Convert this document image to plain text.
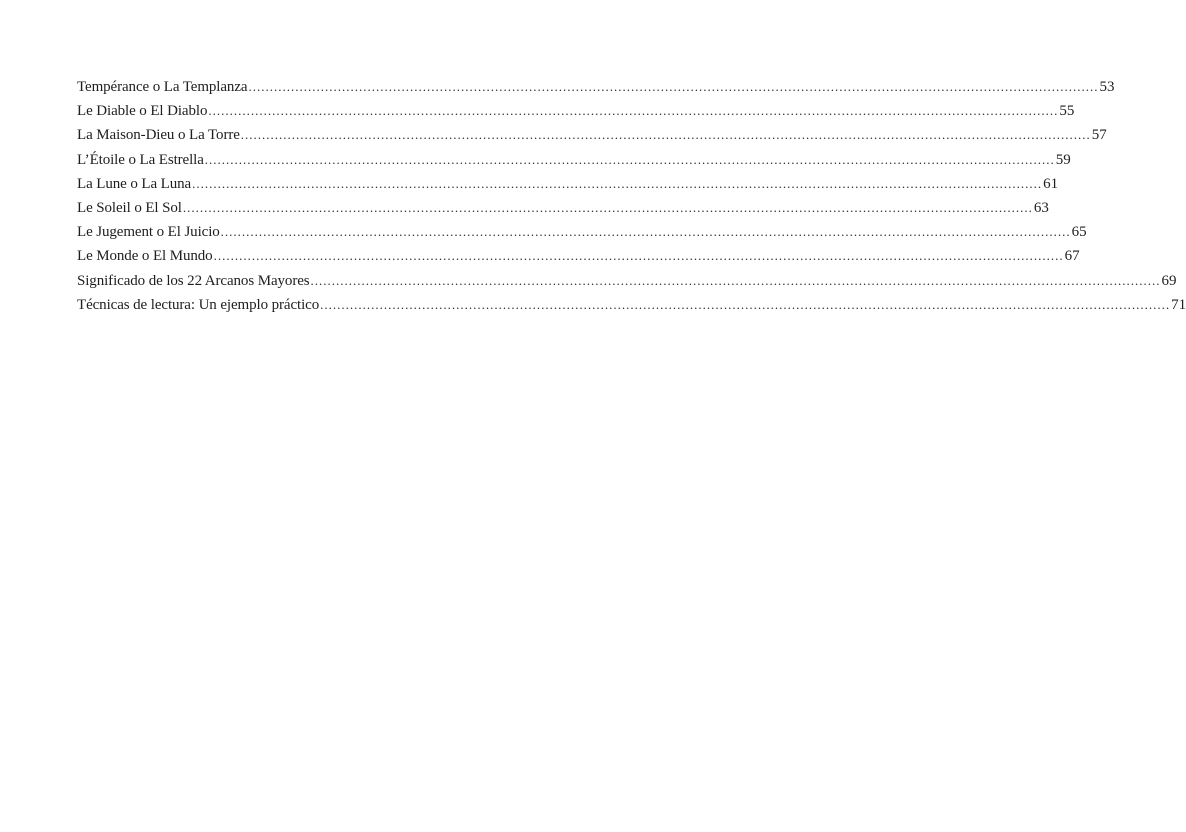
Tempérance o La Templanza ........................................................................................................................................................................................................ 53
Le Diable o El Diablo ........................................................................................................................................................................................................ 55
La Maison-Dieu o La Torre ........................................................................................................................................................................................................ 57
L’Étoile o La Estrella ........................................................................................................................................................................................................ 59
La Lune o La Luna ........................................................................................................................................................................................................ 61
Le Soleil o El Sol ........................................................................................................................................................................................................ 63
Le Jugement o El Juicio ........................................................................................................................................................................................................ 65
Le Monde o El Mundo ........................................................................................................................................................................................................ 67
Significado de los 22 Arcanos Mayores ........................................................................................................................................................................................................ 69
Técnicas de lectura: Un ejemplo práctico ........................................................................................................................................................................................................ 71
